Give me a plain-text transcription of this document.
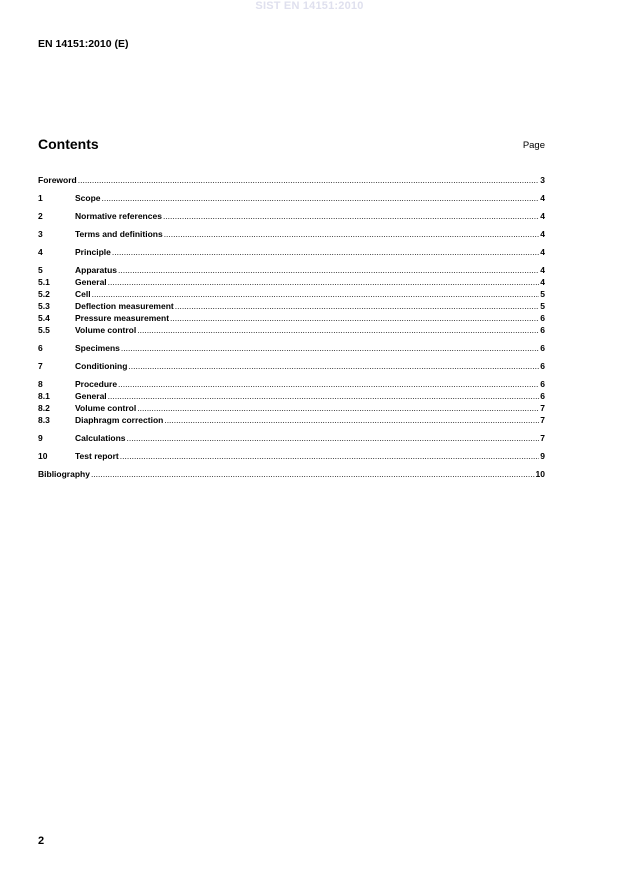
SIST EN 14151:2010
EN 14151:2010 (E)
Contents	Page
Foreword .....	3
1	Scope .....	4
2	Normative references .....	4
3	Terms and definitions .....	4
4	Principle .....	4
5	Apparatus .....	4
5.1	General .....	4
5.2	Cell .....	5
5.3	Deflection measurement .....	5
5.4	Pressure measurement .....	6
5.5	Volume control .....	6
6	Specimens .....	6
7	Conditioning .....	6
8	Procedure .....	6
8.1	General .....	6
8.2	Volume control .....	7
8.3	Diaphragm correction .....	7
9	Calculations .....	7
10	Test report .....	9
Bibliography .....	10
2
